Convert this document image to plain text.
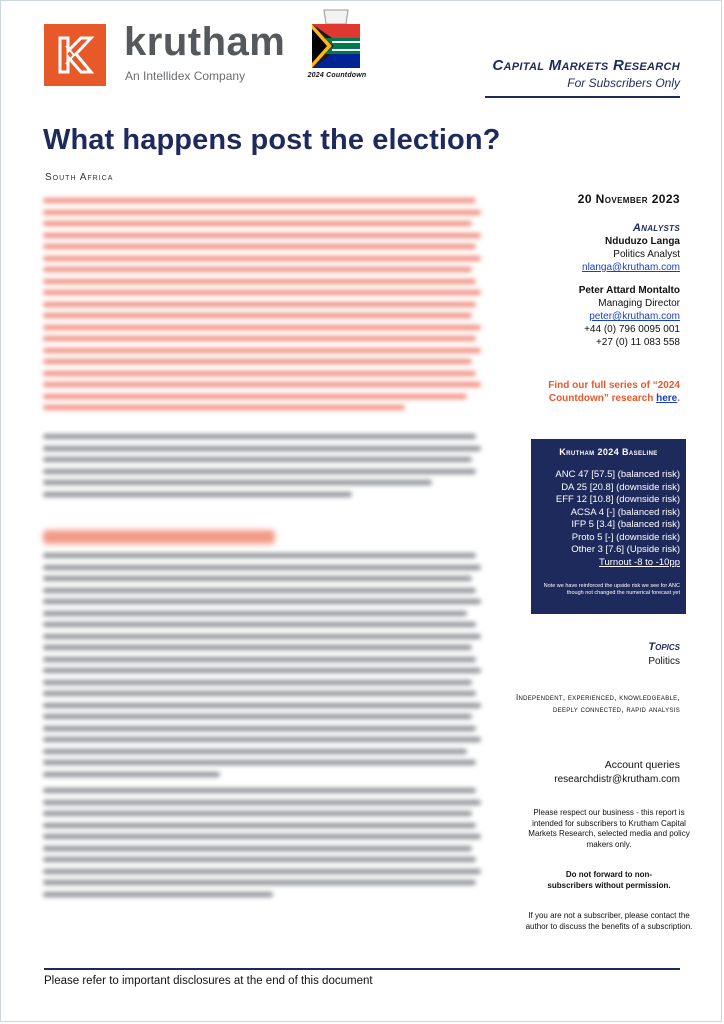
krutham
An Intellidex Company	2024 Countdown
Capital Markets Research
For Subscribers Only
What happens post the election?
South Africa
20 November 2023
Analysts
Nduduzo Langa
Politics Analyst
nlanga@krutham.com
Peter Attard Montalto
Managing Director
peter@krutham.com
+44 (0) 796 0095 001
+27 (0) 11 083 558
Find our full series of “2024 Countdown” research here.
Krutham 2024 Baseline
ANC 47 [57.5] (balanced risk)
DA 25 [20.8] (downside risk)
EFF 12 [10.8] (downside risk)
ACSA 4 [-] (balanced risk)
IFP 5 [3.4] (balanced risk)
Proto 5 [-] (downside risk)
Other 3 [7.6] (Upside risk)
Turnout -8 to -10pp
Note we have reinforced the upside risk we see for ANC though not changed the numerical forecast yet
Topics
Politics
Independent, experienced, knowledgeable,
deeply connected, rapid analysis
Account queries
researchdistr@krutham.com
Please respect our business - this report is intended for subscribers to Krutham Capital Markets Research, selected media and policy makers only.
Do not forward to non-subscribers without permission.
If you are not a subscriber, please contact the author to discuss the benefits of a subscription.
Please refer to important disclosures at the end of this document
